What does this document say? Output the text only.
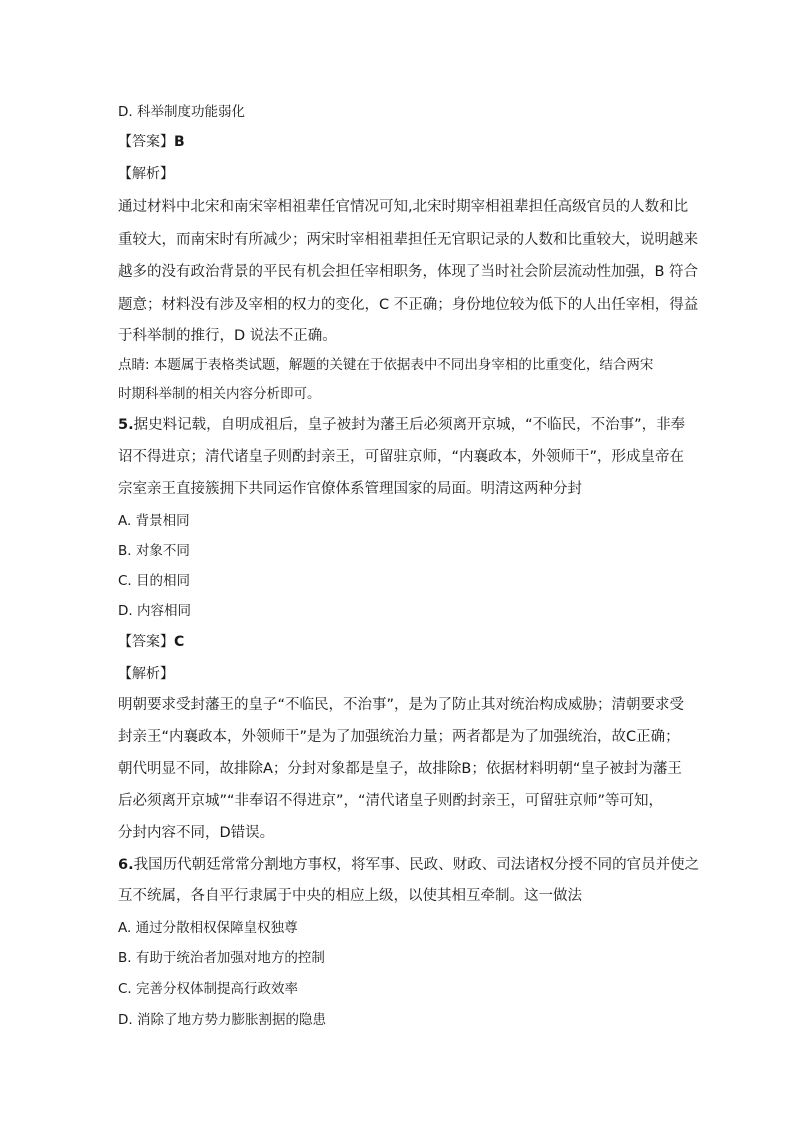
D. 科举制度功能弱化
【答案】B
【解析】
通过材料中北宋和南宋宰相祖辈任官情况可知,北宋时期宰相祖辈担任高级官员的人数和比
重较大，而南宋时有所减少；两宋时宰相祖辈担任无官职记录的人数和比重较大，说明越来
越多的没有政治背景的平民有机会担任宰相职务，体现了当时社会阶层流动性加强，B 符合
题意；材料没有涉及宰相的权力的变化，C 不正确；身份地位较为低下的人出任宰相，得益
于科举制的推行，D 说法不正确。
点睛: 本题属于表格类试题，解题的关键在于依据表中不同出身宰相的比重变化，结合两宋
时期科举制的相关内容分析即可。
5.据史料记载，自明成祖后，皇子被封为藩王后必须离开京城，“不临民，不治事”，非奉
诏不得进京；清代诸皇子则酌封亲王，可留驻京师，“内襄政本，外领师干”，形成皇帝在
宗室亲王直接簇拥下共同运作官僚体系管理国家的局面。明清这两种分封
A. 背景相同
B. 对象不同
C. 目的相同
D. 内容相同
【答案】C
【解析】
明朝要求受封藩王的皇子“不临民，不治事”，是为了防止其对统治构成威胁；清朝要求受
封亲王“内襄政本，外领师干”是为了加强统治力量；两者都是为了加强统治，故C正确；
朝代明显不同，故排除A；分封对象都是皇子，故排除B；依据材料明朝“皇子被封为藩王
后必须离开京城”“非奉诏不得进京”，“清代诸皇子则酌封亲王，可留驻京师”等可知，
分封内容不同，D错误。
6.我国历代朝廷常常分割地方事权，将军事、民政、财政、司法诸权分授不同的官员并使之
互不统属，各自平行隶属于中央的相应上级，以使其相互牵制。这一做法
A. 通过分散相权保障皇权独尊
B. 有助于统治者加强对地方的控制
C. 完善分权体制提高行政效率
D. 消除了地方势力膨胀割据的隐患
